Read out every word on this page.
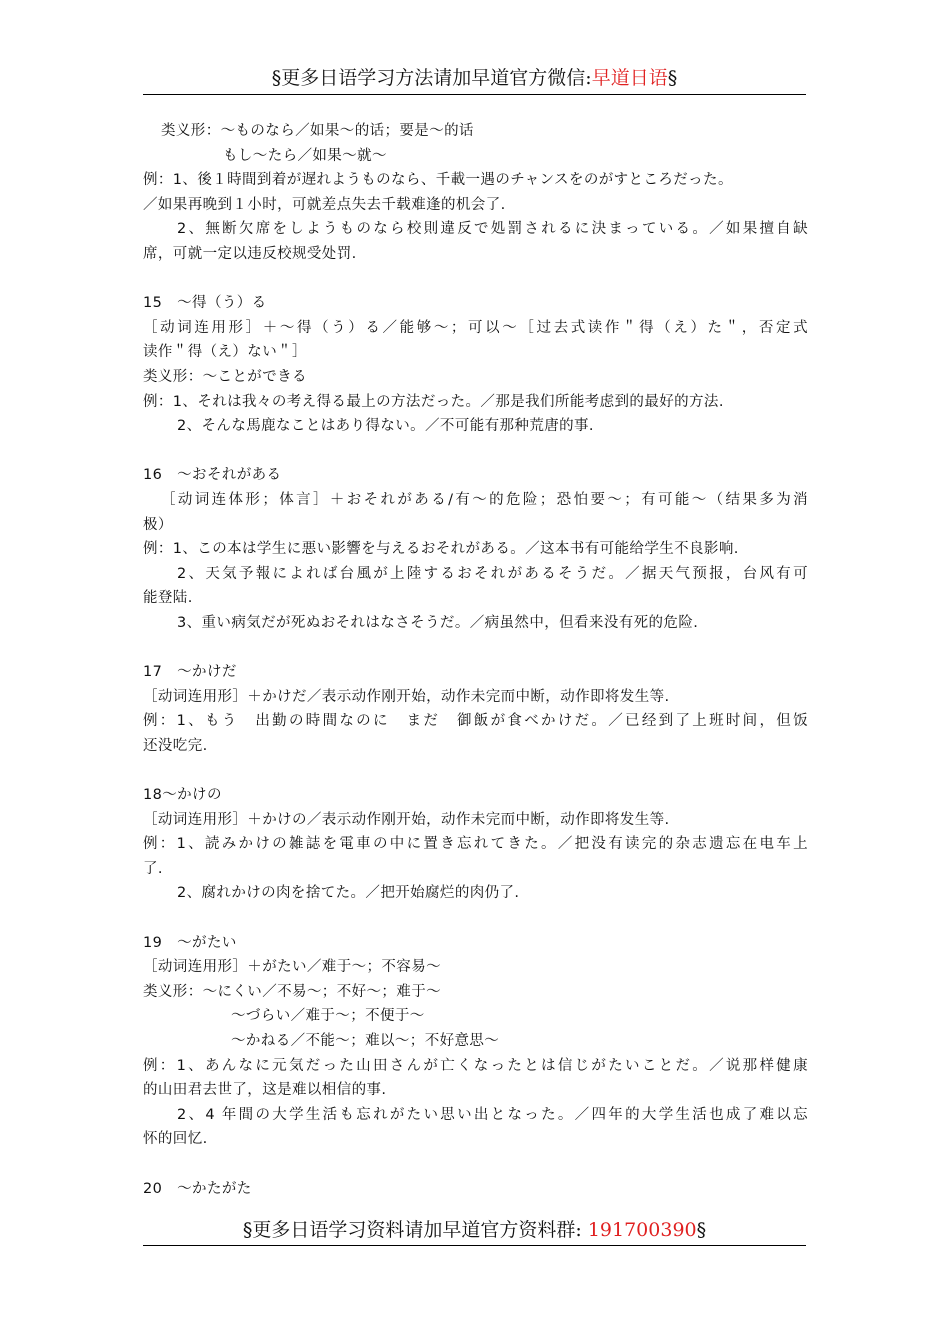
§更多日语学习方法请加早道官方微信:早道日语§
类义形：～ものなら／如果～的话；要是～的话
もし～たら／如果～就～
例：1、後１時間到着が遅れようものなら、千載一遇のチャンスをのがすところだった。
／如果再晚到１小时，可就差点失去千载难逢的机会了.
2、無断欠席をしようものなら校則違反で処罰されるに決まっている。／如果擅自缺
席，可就一定以违反校规受处罚.
15　～得（う）る
［动词连用形］＋～得（う）る／能够～；可以～［过去式读作＂得（え）た＂，否定式
读作＂得（え）ない＂］
类义形：～ことができる
例：1、それは我々の考え得る最上の方法だった。／那是我们所能考虑到的最好的方法.
2、そんな馬鹿なことはあり得ない。／不可能有那种荒唐的事.
16　～おそれがある
［动词连体形；体言］＋おそれがある/有～的危险；恐怕要～；有可能～（结果多为消
极）
例：1、この本は学生に悪い影響を与えるおそれがある。／这本书有可能给学生不良影响.
2、天気予報によれば台風が上陸するおそれがあるそうだ。／据天气预报，台风有可
能登陆.
3、重い病気だが死ぬおそれはなさそうだ。／病虽然中，但看来没有死的危险.
17　～かけだ
［动词连用形］＋かけだ／表示动作刚开始，动作未完而中断，动作即将发生等.
例：1、もう　出勤の時間なのに　まだ　御飯が食べかけだ。／已经到了上班时间，但饭
还没吃完.
18～かけの
［动词连用形］＋かけの／表示动作刚开始，动作未完而中断，动作即将发生等.
例：1、読みかけの雑誌を電車の中に置き忘れてきた。／把没有读完的杂志遗忘在电车上
了.
2、腐れかけの肉を捨てた。／把开始腐烂的肉仍了.
19　～がたい
［动词连用形］＋がたい／难于～；不容易～
类义形：～にくい／不易～；不好～；难于～
～づらい／难于～；不便于～
～かねる／不能～；难以～；不好意思～
例：1、あんなに元気だった山田さんが亡くなったとは信じがたいことだ。／说那样健康
的山田君去世了，这是难以相信的事.
2、4 年間の大学生活も忘れがたい思い出となった。／四年的大学生活也成了难以忘
怀的回忆.
20　～かたがた
§更多日语学习资料请加早道官方资料群: 191700390§
